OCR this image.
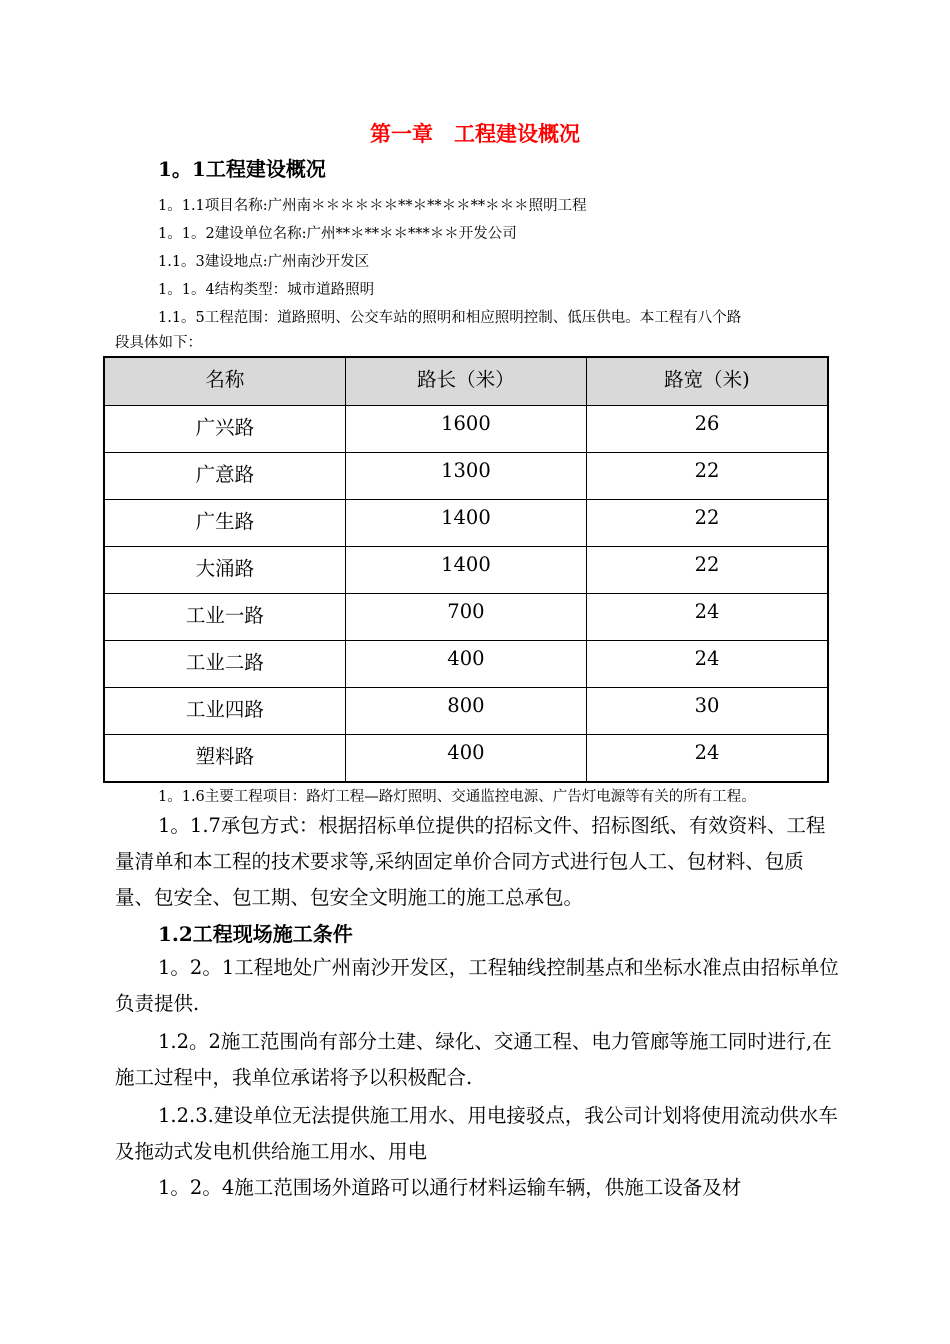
第一章　工程建设概况
1。1工程建设概况
1。1.1项目名称:广州南＊＊＊＊＊＊**＊**＊＊**＊＊＊照明工程
1。1。2建设单位名称:广州**＊**＊＊***＊＊开发公司
1.1。3建设地点:广州南沙开发区
1。1。4结构类型：城市道路照明
1.1。5工程范围：道路照明、公交车站的照明和相应照明控制、低压供电。本工程有八个路
段具体如下：
名称	路长（米）	路宽（米)
广兴路	1600	26
广意路	1300	22
广生路	1400	22
大涌路	1400	22
工业一路	700	24
工业二路	400	24
工业四路	800	30
塑料路	400	24
1。1.6主要工程项目：路灯工程—路灯照明、交通监控电源、广告灯电源等有关的所有工程。
1。1.7承包方式：根据招标单位提供的招标文件、招标图纸、有效资料、工程量清单和本工程的技术要求等,采纳固定单价合同方式进行包人工、包材料、包质量、包安全、包工期、包安全文明施工的施工总承包。
1.2工程现场施工条件
1。2。1工程地处广州南沙开发区，工程轴线控制基点和坐标水准点由招标单位负责提供.
1.2。2施工范围尚有部分土建、绿化、交通工程、电力管廊等施工同时进行,在施工过程中，我单位承诺将予以积极配合.
1.2.3.建设单位无法提供施工用水、用电接驳点，我公司计划将使用流动供水车及拖动式发电机供给施工用水、用电
1。2。4施工范围场外道路可以通行材料运输车辆，供施工设备及材
